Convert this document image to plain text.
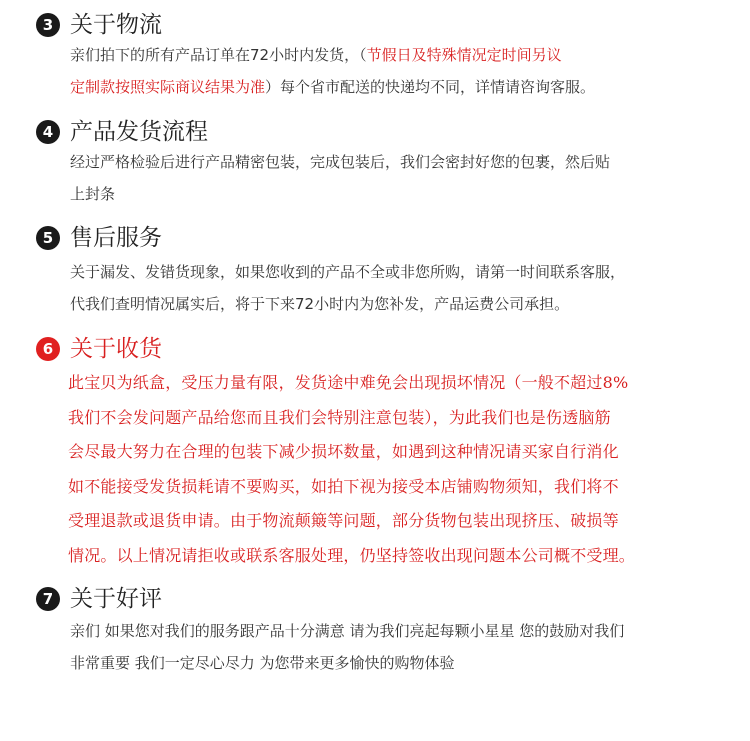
3 关于物流
亲们拍下的所有产品订单在72小时内发货，（节假日及特殊情况定时间另议
定制款按照实际商议结果为准）每个省市配送的快递均不同，详情请咨询客服。
4 产品发货流程
经过严格检验后进行产品精密包装，完成包装后，我们会密封好您的包裹，然后贴
上封条
5 售后服务
关于漏发、发错货现象，如果您收到的产品不全或非您所购，请第一时间联系客服，
代我们查明情况属实后，将于下来72小时内为您补发，产品运费公司承担。
6 关于收货
此宝贝为纸盒，受压力量有限，发货途中难免会出现损坏情况（一般不超过8%
我们不会发问题产品给您而且我们会特别注意包装），为此我们也是伤透脑筋
会尽最大努力在合理的包装下减少损坏数量，如遇到这种情况请买家自行消化
如不能接受发货损耗请不要购买，如拍下视为接受本店铺购物须知，我们将不
受理退款或退货申请。由于物流颠簸等问题，部分货物包装出现挤压、破损等
情况。以上情况请拒收或联系客服处理，仍坚持签收出现问题本公司概不受理。
7 关于好评
亲们 如果您对我们的服务跟产品十分满意 请为我们亮起每颗小星星 您的鼓励对我们
非常重要 我们一定尽心尽力 为您带来更多愉快的购物体验
